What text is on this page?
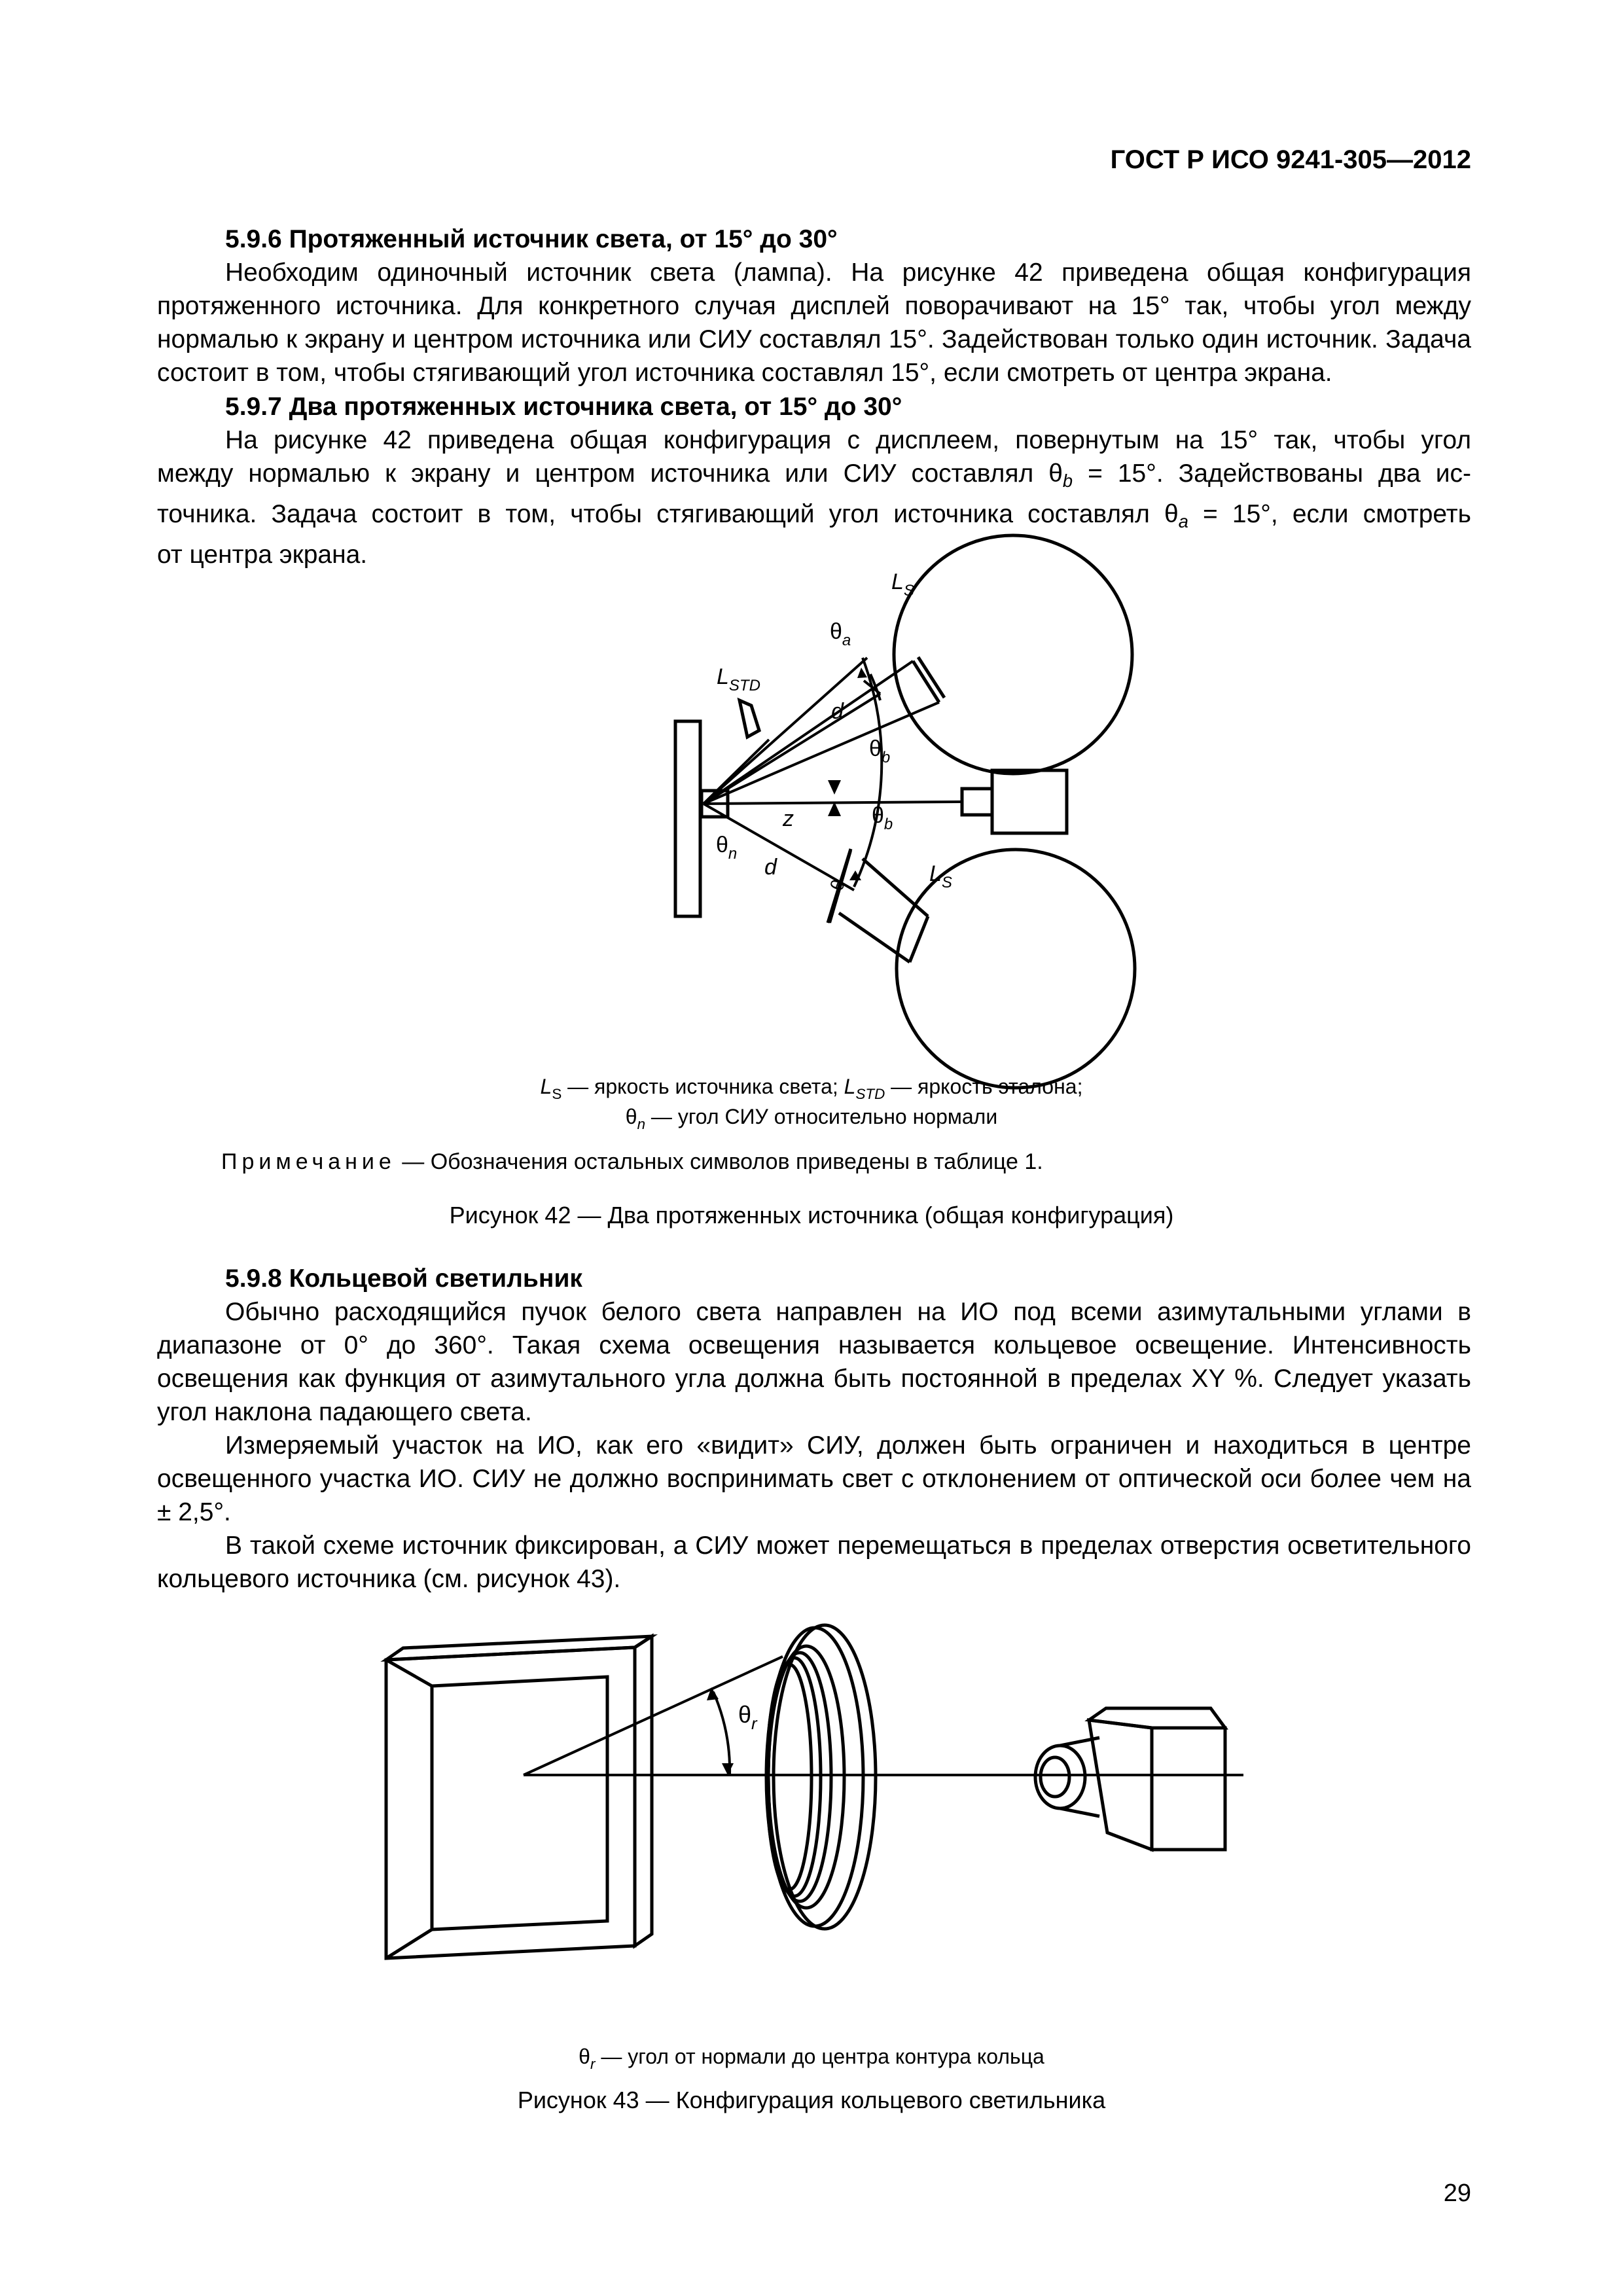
ГОСТ Р ИСО 9241-305—2012

5.9.6 Протяженный источник света, от 15° до 30°

Необходим одиночный источник света (лампа). На рисунке 42 приведена общая конфигурация протяженного источника. Для конкретного случая дисплей поворачивают на 15° так, чтобы угол между нормалью к экрану и центром источника или СИУ составлял 15°. Задействован только один источник. Задача состоит в том, чтобы стягивающий угол источника составлял 15°, если смотреть от центра экрана.

5.9.7 Два протяженных источника света, от 15° до 30°

На рисунке 42 приведена общая конфигурация с дисплеем, повернутым на 15° так, чтобы угол
между нормалью к экрану и центром источника или СИУ составлял $\theta_b = 15^\circ$. Задействованы два ис-
точника. Задача состоит в том, чтобы стягивающий угол источника составлял $\theta_a = 15^\circ$, если смотреть
от центра экрана.
$L_S$
$\theta_a$
$L_{STD}$
d
$\theta_b$
z	$\theta_b$
$\theta_n$
d
θ	$L_S$
$L_S$ — яркость источника света; $L_{STD}$ — яркость эталона;
$\theta_n$ — угол СИУ относительно нормали
Примечание — Обозначения остальных символов приведены в таблице 1.
Рисунок 42 — Два протяженных источника (общая конфигурация)

5.9.8 Кольцевой светильник

Обычно расходящийся пучок белого света направлен на ИО под всеми азимутальными углами в диапазоне от 0° до 360°. Такая схема освещения называется кольцевое освещение. Интенсивность освещения как функция от азимутального угла должна быть постоянной в пределах XY %. Следует указать угол наклона падающего света.

Измеряемый участок на ИО, как его «видит» СИУ, должен быть ограничен и находиться в центре освещенного участка ИО. СИУ не должно воспринимать свет с отклонением от оптической оси более чем на ± 2,5°.

В такой схеме источник фиксирован, а СИУ может перемещаться в пределах отверстия осветительного кольцевого источника (см. рисунок 43).

$\theta_r$
$\theta_r$ — угол от нормали до центра контура кольца
Рисунок 43 — Конфигурация кольцевого светильника
29
